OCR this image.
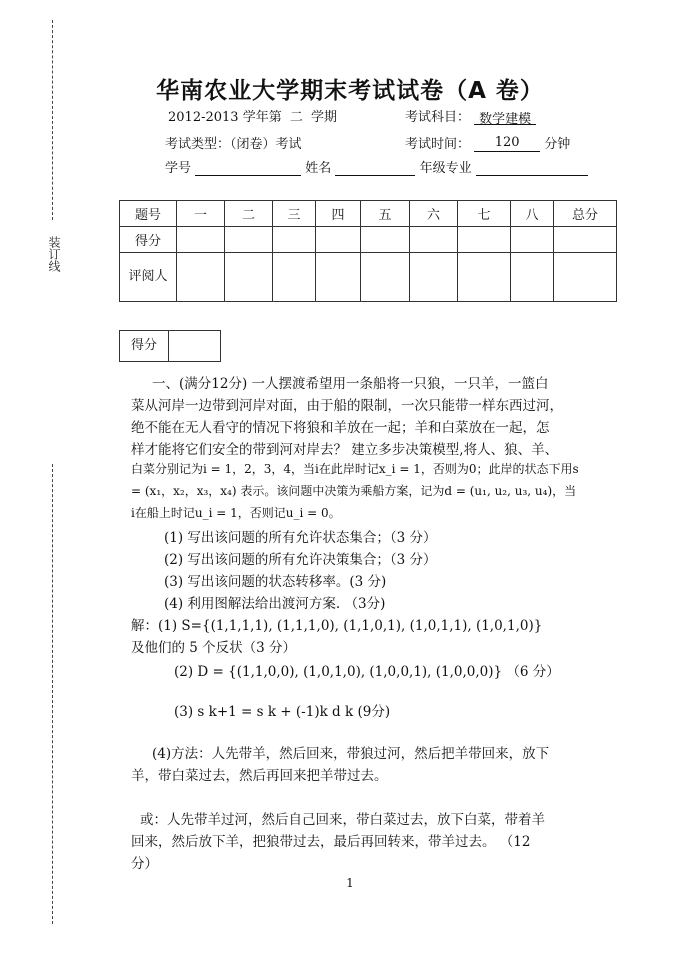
装订线
华南农业大学期末考试试卷（A 卷）
2012-2013 学年第 二 学期	考试科目： 数学建模
考试类型：（闭卷）考试	考试时间： 120 分钟
学号	姓名	年级专业
题号	一	二	三	四	五	六	七	八	总分
得分									
评阅人									
得分
一、(满分12分) 一人摆渡希望用一条船将一只狼，一只羊，一篮白
菜从河岸一边带到河岸对面，由于船的限制，一次只能带一样东西过河，
绝不能在无人看守的情况下将狼和羊放在一起；羊和白菜放在一起，怎
样才能将它们安全的带到河对岸去？ 建立多步决策模型,将人、狼、羊、
白菜分别记为i = 1，2，3，4，当i在此岸时记x_i = 1，否则为0；此岸的状态下用s
= (x₁，x₂，x₃，x₄) 表示。该问题中决策为乘船方案，记为d = (u₁, u₂, u₃, u₄)，当
i在船上时记u_i = 1，否则记u_i = 0。
(1) 写出该问题的所有允许状态集合；（3 分）
(2) 写出该问题的所有允许决策集合；（3 分）
(3) 写出该问题的状态转移率。(3 分)
(4) 利用图解法给出渡河方案. （3分)
解：(1) S={(1,1,1,1), (1,1,1,0), (1,1,0,1), (1,0,1,1), (1,0,1,0)}
及他们的 5 个反状（3 分）
(2) D = {(1,1,0,0), (1,0,1,0), (1,0,0,1), (1,0,0,0)} （6 分）
(3) s k+1 = s k + (-1)k d k (9分)
(4)方法：人先带羊，然后回来，带狼过河，然后把羊带回来，放下
羊，带白菜过去，然后再回来把羊带过去。
或：人先带羊过河，然后自己回来，带白菜过去，放下白菜，带着羊
回来，然后放下羊，把狼带过去，最后再回转来，带羊过去。 （12
分）
1
